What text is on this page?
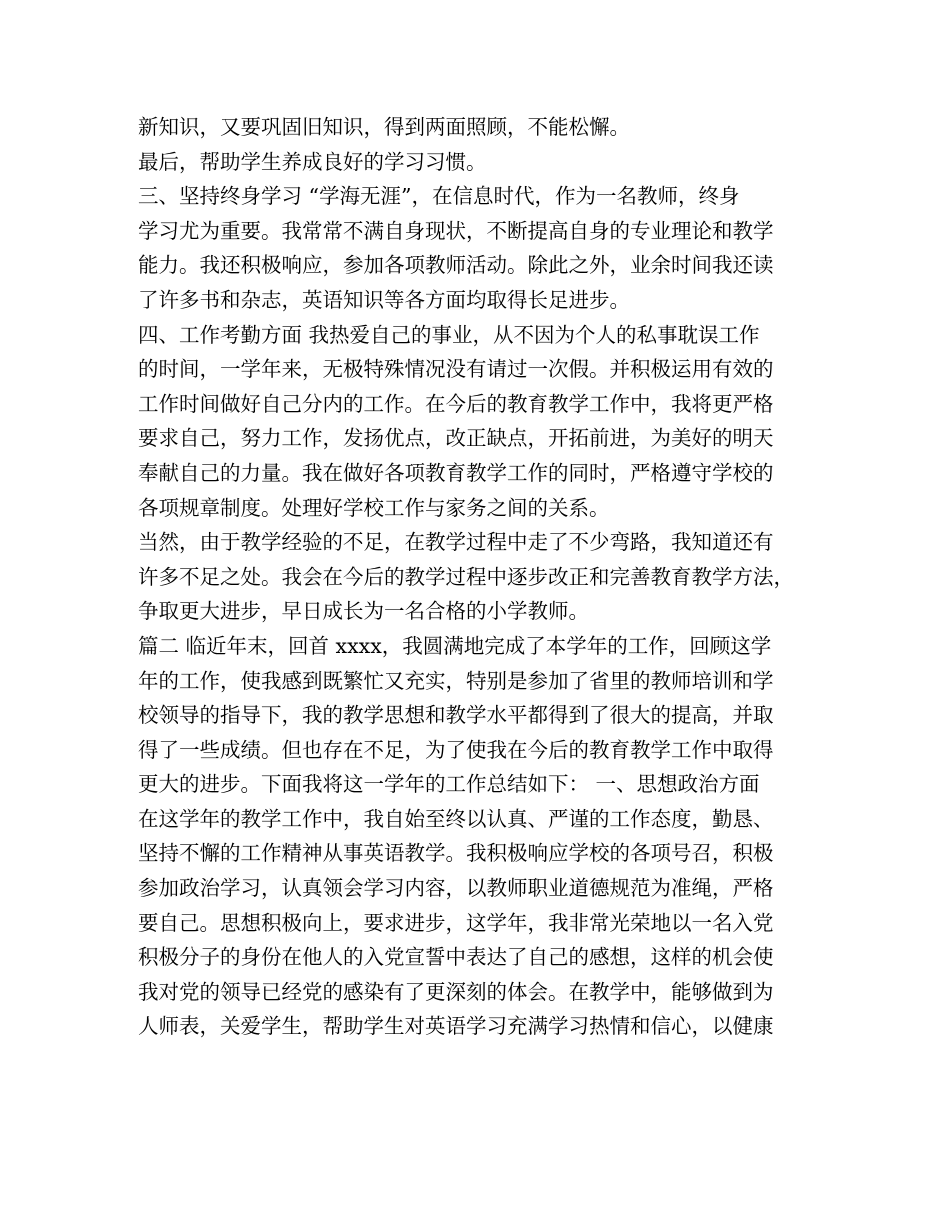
新知识，又要巩固旧知识，得到两面照顾，不能松懈。
最后，帮助学生养成良好的学习习惯。
三、坚持终身学习 “学海无涯”，在信息时代，作为一名教师，终身
学习尤为重要。我常常不满自身现状，不断提高自身的专业理论和教学
能力。我还积极响应，参加各项教师活动。除此之外，业余时间我还读
了许多书和杂志，英语知识等各方面均取得长足进步。
四、工作考勤方面 我热爱自己的事业，从不因为个人的私事耽误工作
的时间，一学年来，无极特殊情况没有请过一次假。并积极运用有效的
工作时间做好自己分内的工作。在今后的教育教学工作中，我将更严格
要求自己，努力工作，发扬优点，改正缺点，开拓前进，为美好的明天
奉献自己的力量。我在做好各项教育教学工作的同时，严格遵守学校的
各项规章制度。处理好学校工作与家务之间的关系。
当然，由于教学经验的不足，在教学过程中走了不少弯路，我知道还有
许多不足之处。我会在今后的教学过程中逐步改正和完善教育教学方法，
争取更大进步，早日成长为一名合格的小学教师。
篇二 临近年末，回首 xxxx，我圆满地完成了本学年的工作，回顾这学
年的工作，使我感到既繁忙又充实，特别是参加了省里的教师培训和学
校领导的指导下，我的教学思想和教学水平都得到了很大的提高，并取
得了一些成绩。但也存在不足，为了使我在今后的教育教学工作中取得
更大的进步。下面我将这一学年的工作总结如下： 一、思想政治方面
在这学年的教学工作中，我自始至终以认真、严谨的工作态度，勤恳、
坚持不懈的工作精神从事英语教学。我积极响应学校的各项号召，积极
参加政治学习，认真领会学习内容，以教师职业道德规范为准绳，严格
要自己。思想积极向上，要求进步，这学年，我非常光荣地以一名入党
积极分子的身份在他人的入党宣誓中表达了自己的感想，这样的机会使
我对党的领导已经党的感染有了更深刻的体会。在教学中，能够做到为
人师表，关爱学生，帮助学生对英语学习充满学习热情和信心，以健康
